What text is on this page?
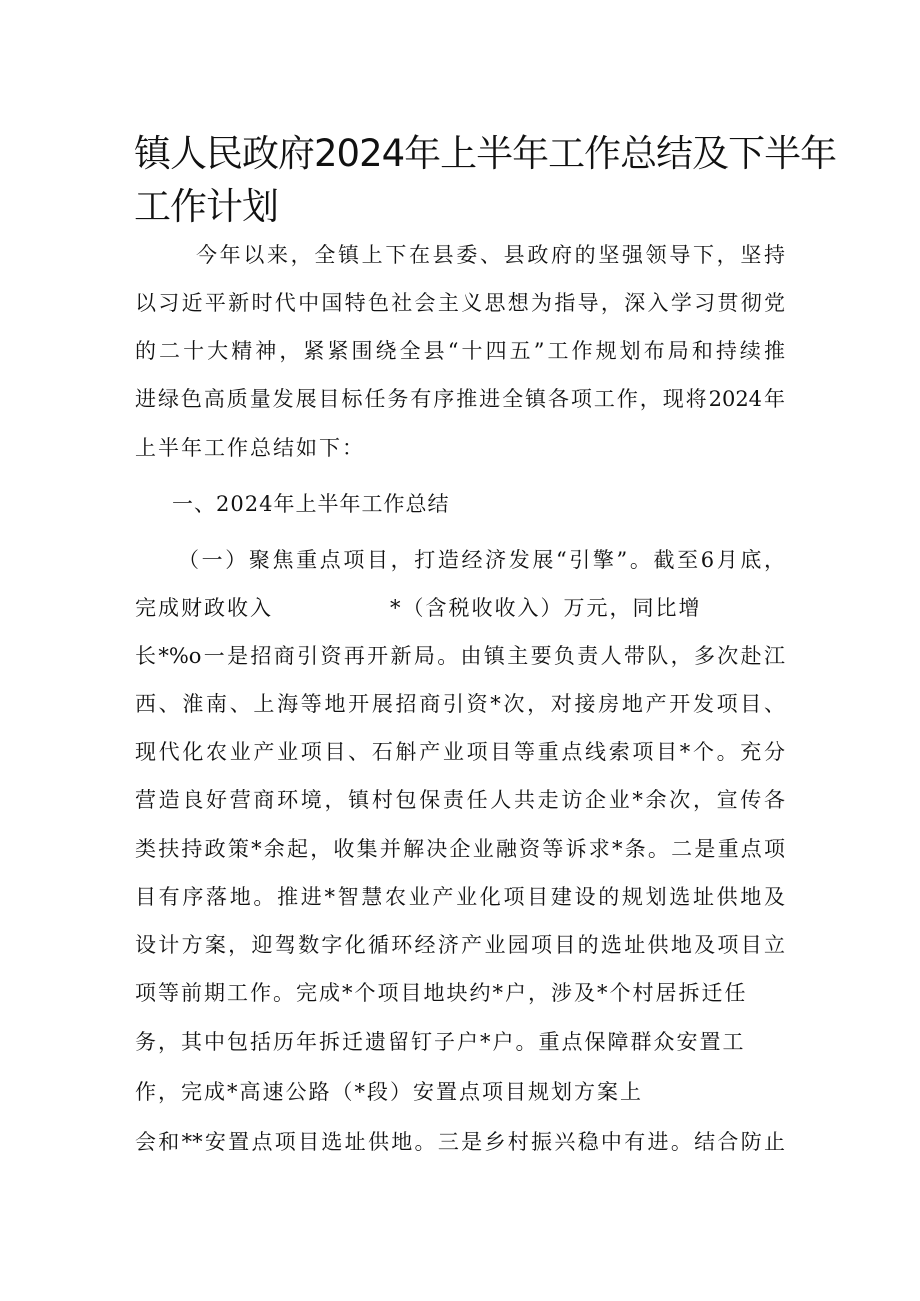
镇人民政府2024年上半年工作总结及下半年
工作计划
今年以来，全镇上下在县委、县政府的坚强领导下，坚持
以习近平新时代中国特色社会主义思想为指导，深入学习贯彻党
的二十大精神，紧紧围绕全县“十四五”工作规划布局和持续推
进绿色高质量发展目标任务有序推进全镇各项工作，现将2024年
上半年工作总结如下：
一、2024年上半年工作总结
（一）聚焦重点项目，打造经济发展“引擎”。截至6月底，
完成财政收入	*（含税收收入）万元，同比增
长*%o一是招商引资再开新局。由镇主要负责人带队，多次赴江
西、淮南、上海等地开展招商引资*次，对接房地产开发项目、
现代化农业产业项目、石斛产业项目等重点线索项目*个。充分
营造良好营商环境，镇村包保责任人共走访企业*余次，宣传各
类扶持政策*余起，收集并解决企业融资等诉求*条。二是重点项
目有序落地。推进*智慧农业产业化项目建设的规划选址供地及
设计方案，迎驾数字化循环经济产业园项目的选址供地及项目立
项等前期工作。完成*个项目地块约*户，涉及*个村居拆迁任
务，其中包括历年拆迁遗留钉子户*户。重点保障群众安置工
作，完成*高速公路（*段）安置点项目规划方案上
会和**安置点项目选址供地。三是乡村振兴稳中有进。结合防止
